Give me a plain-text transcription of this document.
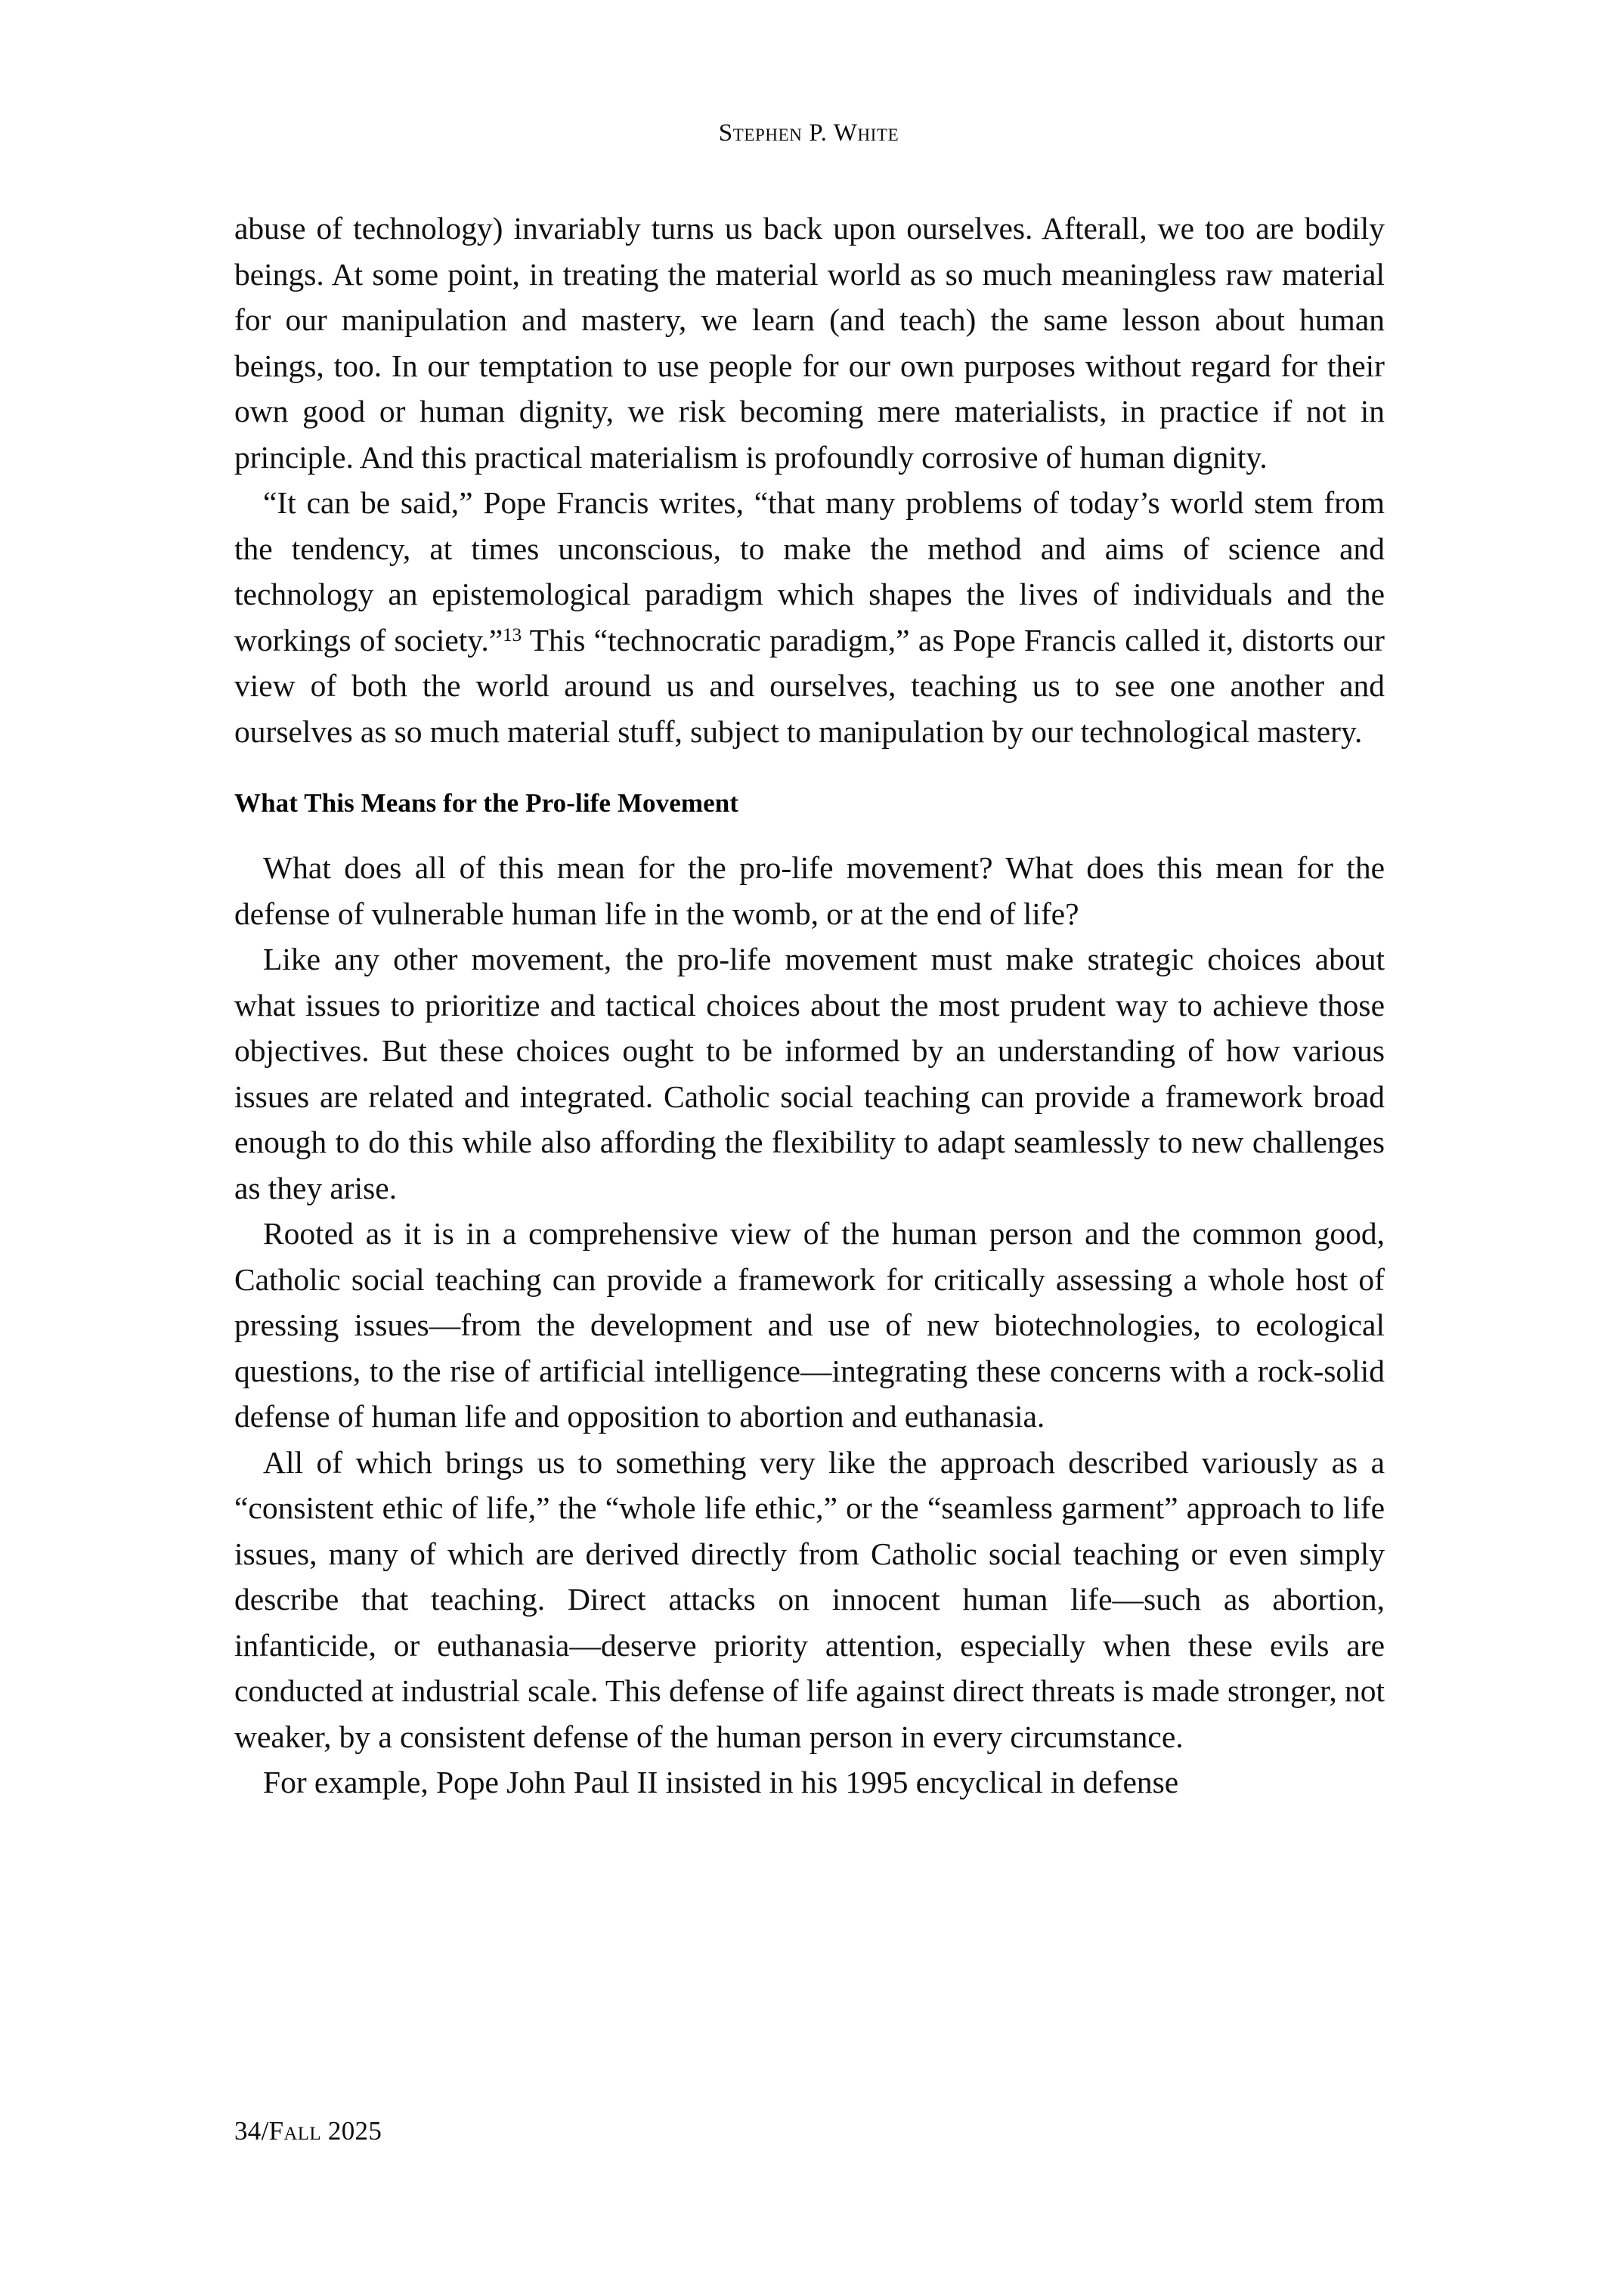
Stephen P. White

abuse of technology) invariably turns us back upon ourselves. Afterall, we too are bodily beings. At some point, in treating the material world as so much meaningless raw material for our manipulation and mastery, we learn (and teach) the same lesson about human beings, too. In our temptation to use people for our own purposes without regard for their own good or human dignity, we risk becoming mere materialists, in practice if not in principle. And this practical materialism is profoundly corrosive of human dignity.

“It can be said,” Pope Francis writes, “that many problems of today’s world stem from the tendency, at times unconscious, to make the method and aims of science and technology an epistemological paradigm which shapes the lives of individuals and the workings of society.”$^{13}$ This “technocratic paradigm,” as Pope Francis called it, distorts our view of both the world around us and ourselves, teaching us to see one another and ourselves as so much material stuff, subject to manipulation by our technological mastery.

What This Means for the Pro-life Movement

What does all of this mean for the pro-life movement? What does this mean for the defense of vulnerable human life in the womb, or at the end of life?

Like any other movement, the pro-life movement must make strategic choices about what issues to prioritize and tactical choices about the most prudent way to achieve those objectives. But these choices ought to be informed by an understanding of how various issues are related and integrated. Catholic social teaching can provide a framework broad enough to do this while also affording the flexibility to adapt seamlessly to new challenges as they arise.

Rooted as it is in a comprehensive view of the human person and the common good, Catholic social teaching can provide a framework for critically assessing a whole host of pressing issues—from the development and use of new biotechnologies, to ecological questions, to the rise of artificial intelligence—integrating these concerns with a rock-solid defense of human life and opposition to abortion and euthanasia.

All of which brings us to something very like the approach described variously as a “consistent ethic of life,” the “whole life ethic,” or the “seamless garment” approach to life issues, many of which are derived directly from Catholic social teaching or even simply describe that teaching. Direct attacks on innocent human life—such as abortion, infanticide, or euthanasia—deserve priority attention, especially when these evils are conducted at industrial scale. This defense of life against direct threats is made stronger, not weaker, by a consistent defense of the human person in every circumstance.

For example, Pope John Paul II insisted in his 1995 encyclical in defense

34/Fall 2025
